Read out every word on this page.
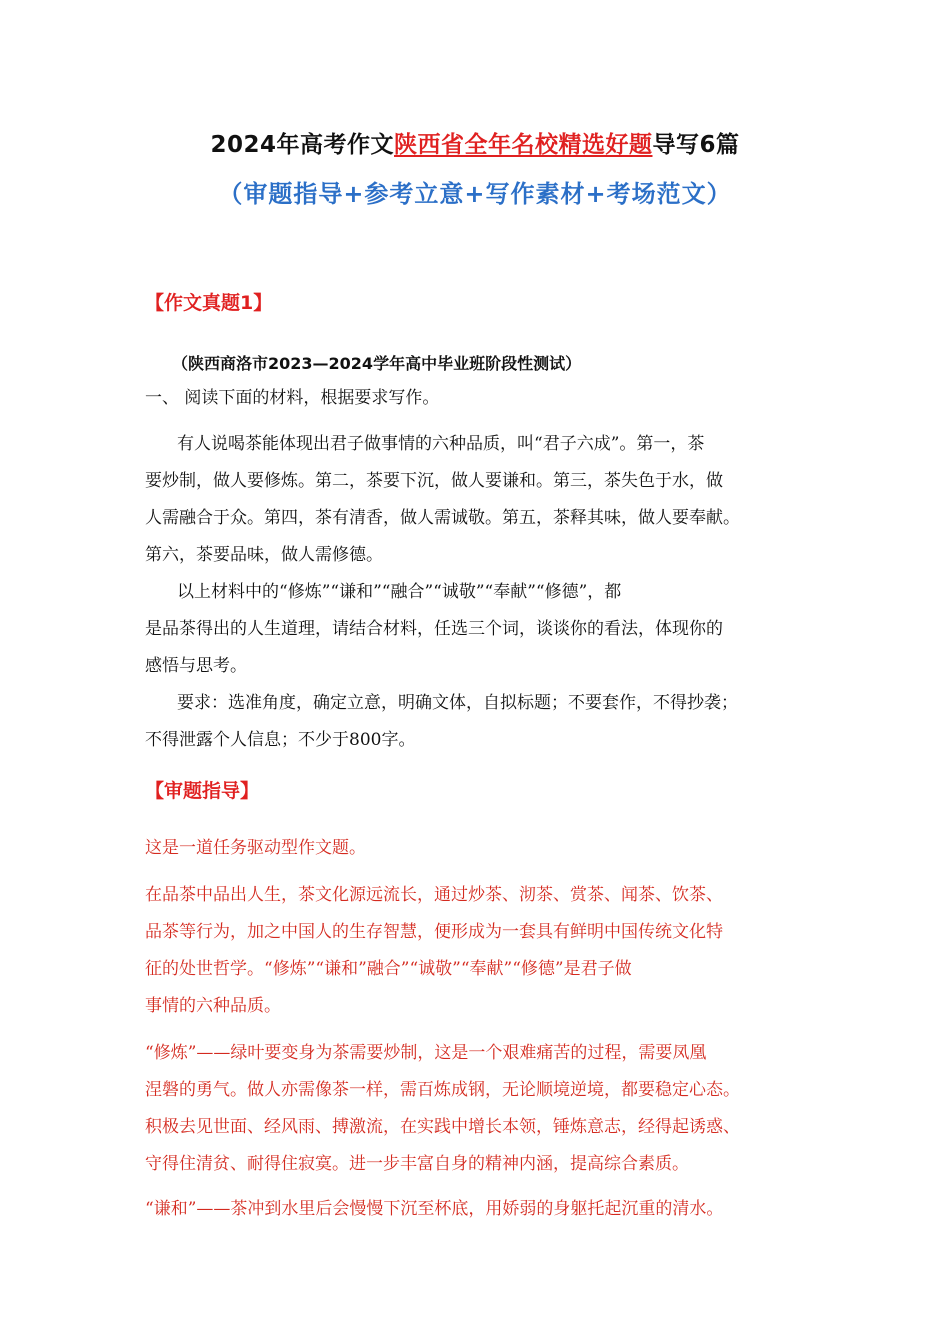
2024年高考作文陕西省全年名校精选好题导写6篇
（审题指导+参考立意+写作素材+考场范文）
【作文真题1】
（陕西商洛市2023—2024学年高中毕业班阶段性测试）
一、 阅读下面的材料，根据要求写作。
有人说喝茶能体现出君子做事情的六种品质，叫“君子六成”。第一，茶
要炒制，做人要修炼。第二，茶要下沉，做人要谦和。第三，茶失色于水，做
人需融合于众。第四，茶有清香，做人需诚敬。第五，茶释其味，做人要奉献。
第六，茶要品味，做人需修德。
以上材料中的“修炼”“谦和”“融合”“诚敬”“奉献”“修德”，都
是品茶得出的人生道理，请结合材料，任选三个词，谈谈你的看法，体现你的
感悟与思考。
要求：选准角度，确定立意，明确文体，自拟标题；不要套作，不得抄袭；
不得泄露个人信息；不少于800字。
【审题指导】
这是一道任务驱动型作文题。
在品茶中品出人生，茶文化源远流长，通过炒茶、沏茶、赏茶、闻茶、饮茶、
品茶等行为，加之中国人的生存智慧，便形成为一套具有鲜明中国传统文化特
征的处世哲学。“修炼”“谦和”融合”“诚敬”“奉献”“修德”是君子做
事情的六种品质。
“修炼”——绿叶要变身为茶需要炒制，这是一个艰难痛苦的过程，需要凤凰
涅磐的勇气。做人亦需像茶一样，需百炼成钢，无论顺境逆境，都要稳定心态。
积极去见世面、经风雨、搏激流，在实践中增长本领，锤炼意志，经得起诱惑、
守得住清贫、耐得住寂寞。进一步丰富自身的精神内涵，提高综合素质。
“谦和”——茶冲到水里后会慢慢下沉至杯底，用娇弱的身躯托起沉重的清水。
